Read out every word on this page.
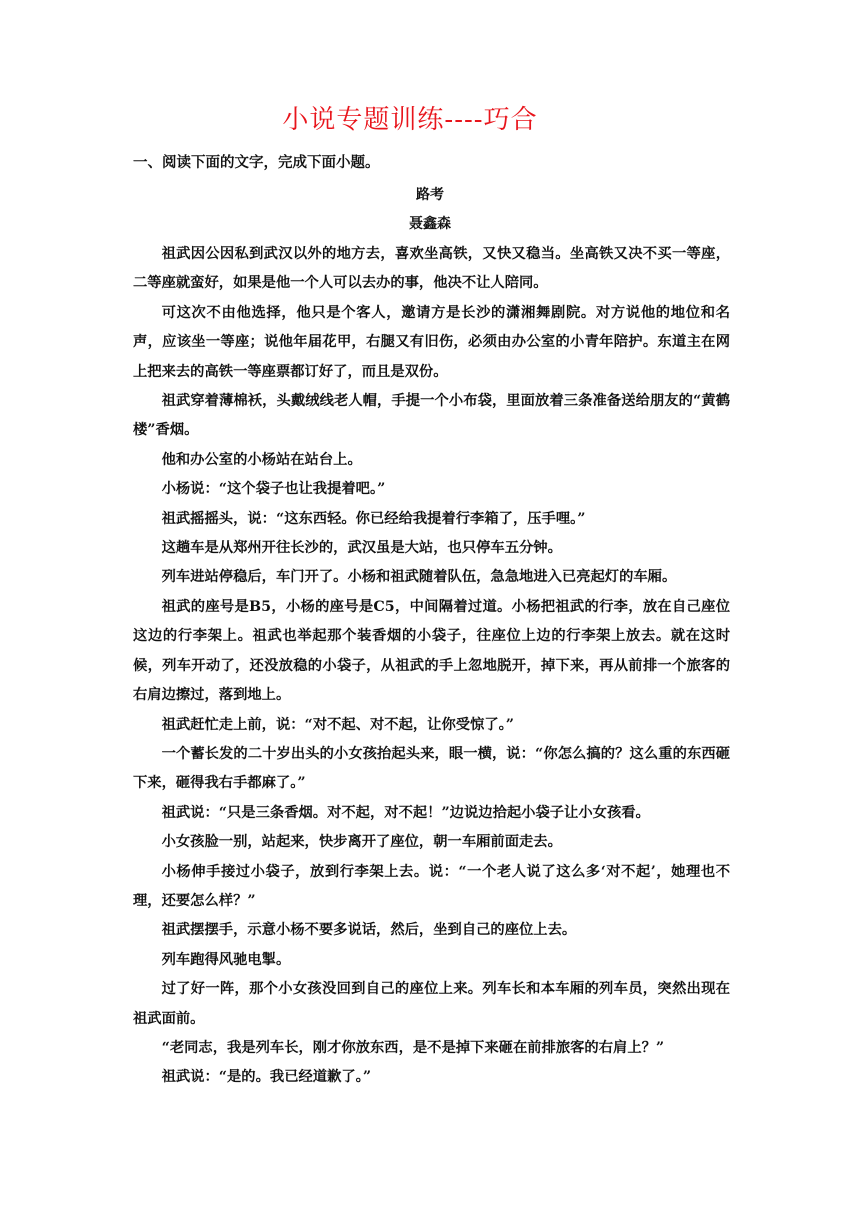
小说专题训练----巧合
一、阅读下面的文字，完成下面小题。
路考
聂鑫森

祖武因公因私到武汉以外的地方去，喜欢坐高铁，又快又稳当。坐高铁又决不买一等座，二等座就蛮好，如果是他一个人可以去办的事，他决不让人陪同。

可这次不由他选择，他只是个客人，邀请方是长沙的潇湘舞剧院。对方说他的地位和名声，应该坐一等座；说他年届花甲，右腿又有旧伤，必须由办公室的小青年陪护。东道主在网上把来去的高铁一等座票都订好了，而且是双份。

祖武穿着薄棉袄，头戴绒线老人帽，手提一个小布袋，里面放着三条准备送给朋友的“黄鹤楼”香烟。

他和办公室的小杨站在站台上。

小杨说：“这个袋子也让我提着吧。”

祖武摇摇头，说：“这东西轻。你已经给我提着行李箱了，压手哩。”

这趟车是从郑州开往长沙的，武汉虽是大站，也只停车五分钟。

列车进站停稳后，车门开了。小杨和祖武随着队伍，急急地进入已亮起灯的车厢。

祖武的座号是B5，小杨的座号是C5，中间隔着过道。小杨把祖武的行李，放在自己座位这边的行李架上。祖武也举起那个装香烟的小袋子，往座位上边的行李架上放去。就在这时候，列车开动了，还没放稳的小袋子，从祖武的手上忽地脱开，掉下来，再从前排一个旅客的右肩边擦过，落到地上。

祖武赶忙走上前，说：“对不起、对不起，让你受惊了。”

一个蓄长发的二十岁出头的小女孩抬起头来，眼一横，说：“你怎么搞的？这么重的东西砸下来，砸得我右手都麻了。”

祖武说：“只是三条香烟。对不起，对不起！”边说边拾起小袋子让小女孩看。

小女孩脸一别，站起来，快步离开了座位，朝一车厢前面走去。

小杨伸手接过小袋子，放到行李架上去。说：“一个老人说了这么多‘对不起’，她理也不理，还要怎么样？”

祖武摆摆手，示意小杨不要多说话，然后，坐到自己的座位上去。

列车跑得风驰电掣。

过了好一阵，那个小女孩没回到自己的座位上来。列车长和本车厢的列车员，突然出现在祖武面前。

“老同志，我是列车长，刚才你放东西，是不是掉下来砸在前排旅客的右肩上？”

祖武说：“是的。我已经道歉了。”
